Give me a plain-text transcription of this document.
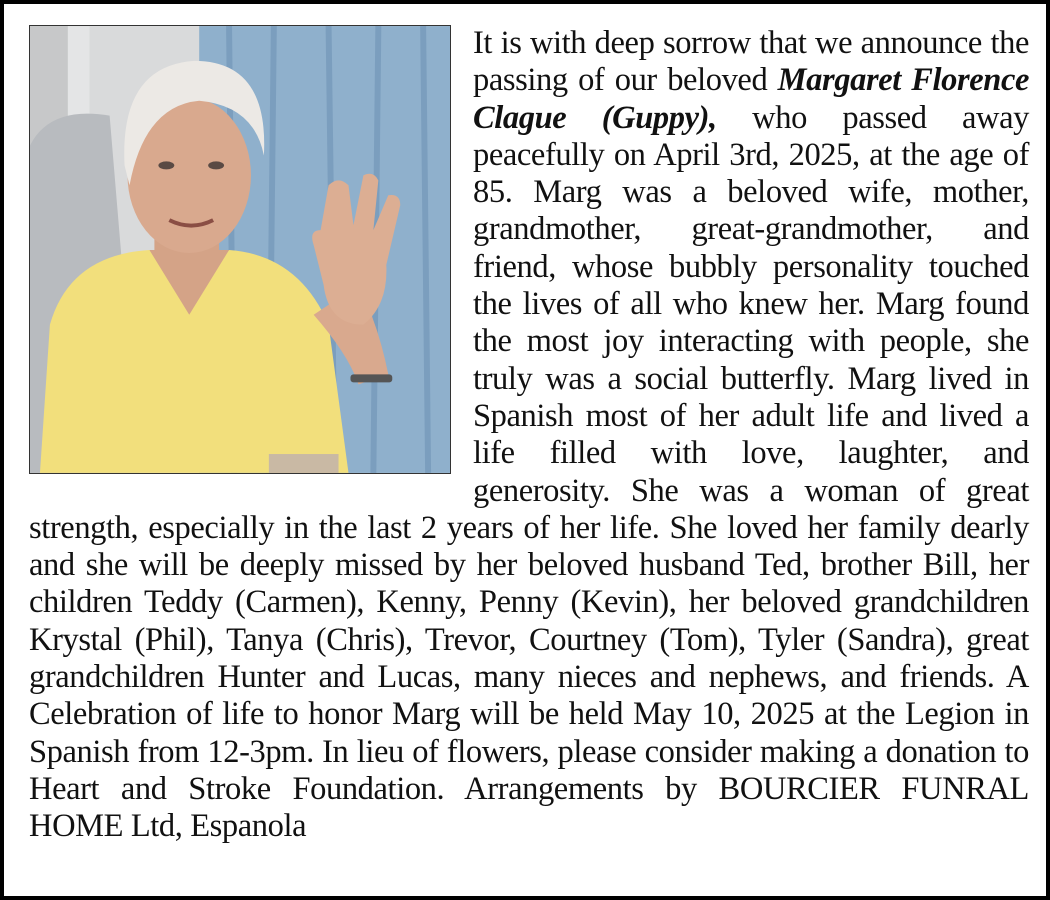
It is with deep sorrow that we announce the passing of our beloved Margaret Florence Clague (Guppy), who passed away peacefully on April 3rd, 2025, at the age of 85. Marg was a beloved wife, mother, grandmother, great-grandmother, and friend, whose bubbly personality touched the lives of all who knew her. Marg found the most joy interacting with people, she truly was a social butterfly. Marg lived in Spanish most of her adult life and lived a life filled with love, laughter, and generosity. She was a woman of great strength, especially in the last 2 years of her life. She loved her family dearly and she will be deeply missed by her beloved husband Ted, brother Bill, her children Teddy (Carmen), Kenny, Penny (Kevin), her beloved grandchildren Krystal (Phil), Tanya (Chris), Trevor, Courtney (Tom), Tyler (Sandra), great grandchildren Hunter and Lucas, many nieces and nephews, and friends. A Celebration of life to honor Marg will be held May 10, 2025 at the Legion in Spanish from 12-3pm. In lieu of flowers, please consider making a donation to Heart and Stroke Foundation. Arrangements by BOURCIER FUNRAL HOME Ltd, Espanola
